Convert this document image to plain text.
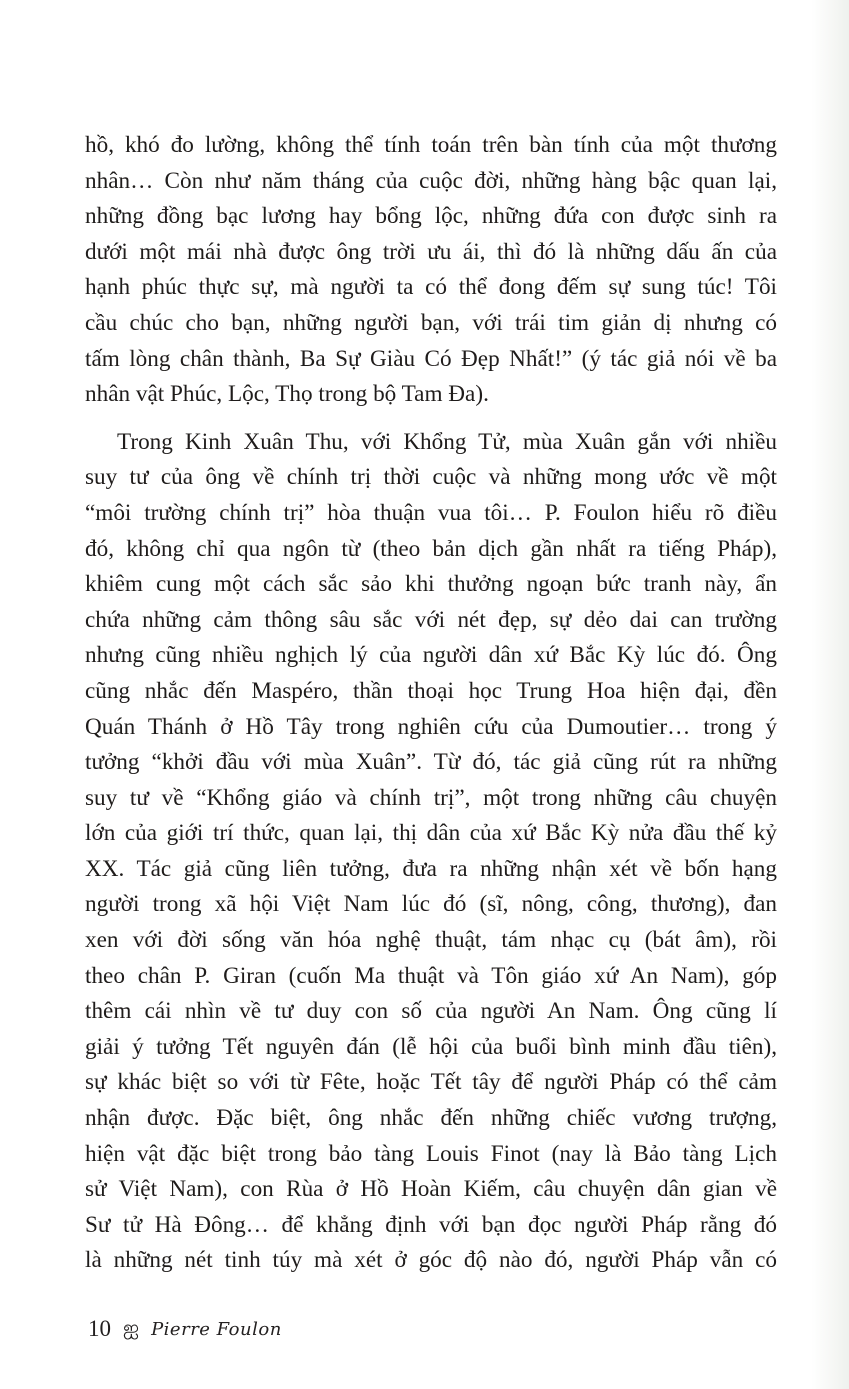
hồ, khó đo lường, không thể tính toán trên bàn tính của một thương
nhân… Còn như năm tháng của cuộc đời, những hàng bậc quan lại,
những đồng bạc lương hay bổng lộc, những đứa con được sinh ra
dưới một mái nhà được ông trời ưu ái, thì đó là những dấu ấn của
hạnh phúc thực sự, mà người ta có thể đong đếm sự sung túc! Tôi
cầu chúc cho bạn, những người bạn, với trái tim giản dị nhưng có
tấm lòng chân thành, Ba Sự Giàu Có Đẹp Nhất!” (ý tác giả nói về ba
nhân vật Phúc, Lộc, Thọ trong bộ Tam Đa).

Trong Kinh Xuân Thu, với Khổng Tử, mùa Xuân gắn với nhiều
suy tư của ông về chính trị thời cuộc và những mong ước về một
“môi trường chính trị” hòa thuận vua tôi… P. Foulon hiểu rõ điều
đó, không chỉ qua ngôn từ (theo bản dịch gần nhất ra tiếng Pháp),
khiêm cung một cách sắc sảo khi thưởng ngoạn bức tranh này, ẩn
chứa những cảm thông sâu sắc với nét đẹp, sự dẻo dai can trường
nhưng cũng nhiều nghịch lý của người dân xứ Bắc Kỳ lúc đó. Ông
cũng nhắc đến Maspéro, thần thoại học Trung Hoa hiện đại, đền
Quán Thánh ở Hồ Tây trong nghiên cứu của Dumoutier… trong ý
tưởng “khởi đầu với mùa Xuân”. Từ đó, tác giả cũng rút ra những
suy tư về “Khổng giáo và chính trị”, một trong những câu chuyện
lớn của giới trí thức, quan lại, thị dân của xứ Bắc Kỳ nửa đầu thế kỷ
XX. Tác giả cũng liên tưởng, đưa ra những nhận xét về bốn hạng
người trong xã hội Việt Nam lúc đó (sĩ, nông, công, thương), đan
xen với đời sống văn hóa nghệ thuật, tám nhạc cụ (bát âm), rồi
theo chân P. Giran (cuốn Ma thuật và Tôn giáo xứ An Nam), góp
thêm cái nhìn về tư duy con số của người An Nam. Ông cũng lí
giải ý tưởng Tết nguyên đán (lễ hội của buổi bình minh đầu tiên),
sự khác biệt so với từ Fête, hoặc Tết tây để người Pháp có thể cảm
nhận được. Đặc biệt, ông nhắc đến những chiếc vương trượng,
hiện vật đặc biệt trong bảo tàng Louis Finot (nay là Bảo tàng Lịch
sử Việt Nam), con Rùa ở Hồ Hoàn Kiếm, câu chuyện dân gian về
Sư tử Hà Đông… để khẳng định với bạn đọc người Pháp rằng đó
là những nét tinh túy mà xét ở góc độ nào đó, người Pháp vẫn có

10 ஐ Pierre Foulon
